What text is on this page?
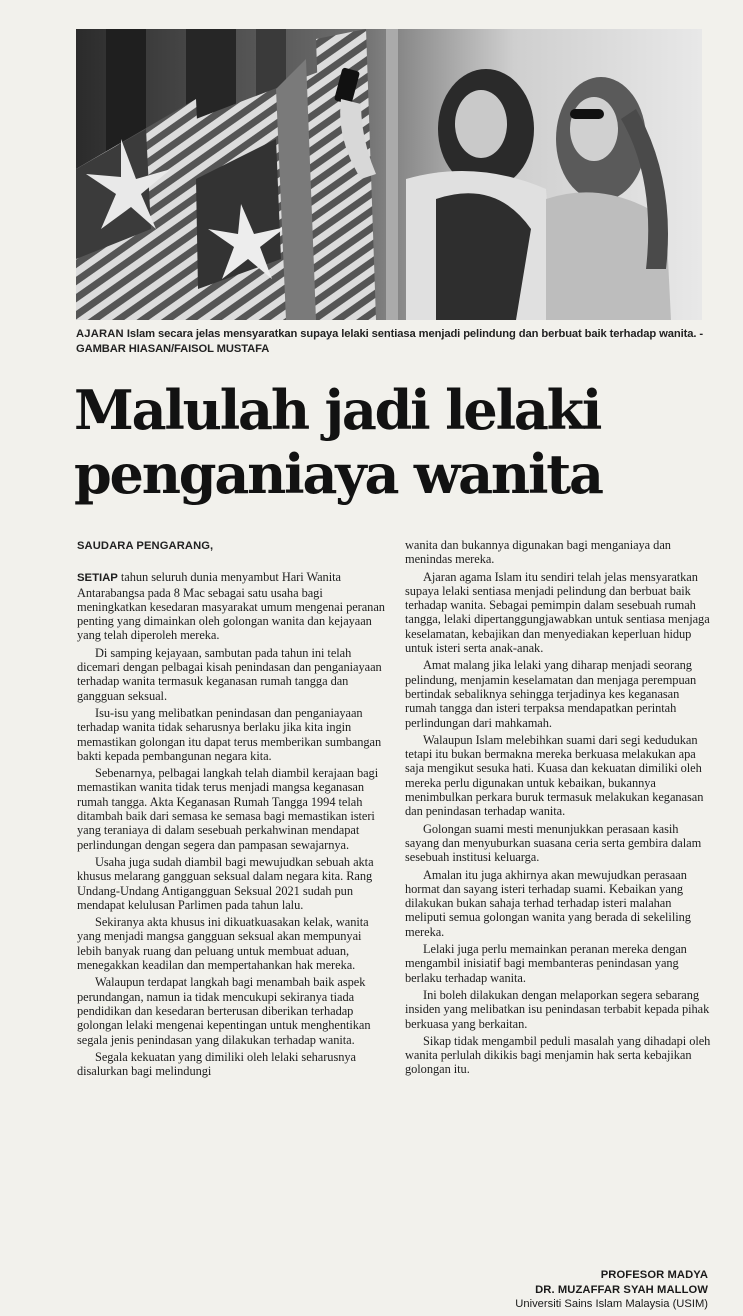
AJARAN Islam secara jelas mensyaratkan supaya lelaki sentiasa menjadi pelindung dan berbuat baik terhadap wanita. - GAMBAR HIASAN/FAISOL MUSTAFA
Malulah jadi lelaki
penganiaya wanita
SAUDARA PENGARANG,

SETIAP tahun seluruh dunia menyambut Hari Wanita Antarabangsa pada 8 Mac sebagai satu usaha bagi meningkatkan kesedaran masyarakat umum mengenai peranan penting yang dimainkan oleh golongan wanita dan kejayaan yang telah diperoleh mereka.

Di samping kejayaan, sambutan pada tahun ini telah dicemari dengan pelbagai kisah penindasan dan penganiayaan terhadap wanita termasuk keganasan rumah tangga dan gangguan seksual.

Isu-isu yang melibatkan penindasan dan penganiayaan terhadap wanita tidak seharusnya berlaku jika kita ingin memastikan golongan itu dapat terus memberikan sumbangan bakti kepada pembangunan negara kita.

Sebenarnya, pelbagai langkah telah diambil kerajaan bagi memastikan wanita tidak terus menjadi mangsa keganasan rumah tangga. Akta Keganasan Rumah Tangga 1994 telah ditambah baik dari semasa ke semasa bagi memastikan isteri yang teraniaya di dalam sesebuah perkahwinan mendapat perlindungan dengan segera dan pampasan sewajarnya.

Usaha juga sudah diambil bagi mewujudkan sebuah akta khusus melarang gangguan seksual dalam negara kita. Rang Undang-Undang Antigangguan Seksual 2021 sudah pun mendapat kelulusan Parlimen pada tahun lalu.

Sekiranya akta khusus ini dikuatkuasakan kelak, wanita yang menjadi mangsa gangguan seksual akan mempunyai lebih banyak ruang dan peluang untuk membuat aduan, menegakkan keadilan dan mempertahankan hak mereka.

Walaupun terdapat langkah bagi menambah baik aspek perundangan, namun ia tidak mencukupi sekiranya tiada pendidikan dan kesedaran berterusan diberikan terhadap golongan lelaki mengenai kepentingan untuk menghentikan segala jenis penindasan yang dilakukan terhadap wanita.

Segala kekuatan yang dimiliki oleh lelaki seharusnya disalurkan bagi melindungi

wanita dan bukannya digunakan bagi menganiaya dan menindas mereka.

Ajaran agama Islam itu sendiri telah jelas mensyaratkan supaya lelaki sentiasa menjadi pelindung dan berbuat baik terhadap wanita. Sebagai pemimpin dalam sesebuah rumah tangga, lelaki dipertanggungjawabkan untuk sentiasa menjaga keselamatan, kebajikan dan menyediakan keperluan hidup untuk isteri serta anak-anak.

Amat malang jika lelaki yang diharap menjadi seorang pelindung, menjamin keselamatan dan menjaga perempuan bertindak sebaliknya sehingga terjadinya kes keganasan rumah tangga dan isteri terpaksa mendapatkan perintah perlindungan dari mahkamah.

Walaupun Islam melebihkan suami dari segi kedudukan tetapi itu bukan bermakna mereka berkuasa melakukan apa saja mengikut sesuka hati. Kuasa dan kekuatan dimiliki oleh mereka perlu digunakan untuk kebaikan, bukannya menimbulkan perkara buruk termasuk melakukan keganasan dan penindasan terhadap wanita.

Golongan suami mesti menunjukkan perasaan kasih sayang dan menyuburkan suasana ceria serta gembira dalam sesebuah institusi keluarga.

Amalan itu juga akhirnya akan mewujudkan perasaan hormat dan sayang isteri terhadap suami. Kebaikan yang dilakukan bukan sahaja terhad terhadap isteri malahan meliputi semua golongan wanita yang berada di sekeliling mereka.

Lelaki juga perlu memainkan peranan mereka dengan mengambil inisiatif bagi membanteras penindasan yang berlaku terhadap wanita.

Ini boleh dilakukan dengan melaporkan segera sebarang insiden yang melibatkan isu penindasan terbabit kepada pihak berkuasa yang berkaitan.

Sikap tidak mengambil peduli masalah yang dihadapi oleh wanita perlulah dikikis bagi menjamin hak serta kebajikan golongan itu.

PROFESOR MADYA
DR. MUZAFFAR SYAH MALLOW
Universiti Sains Islam Malaysia (USIM)
